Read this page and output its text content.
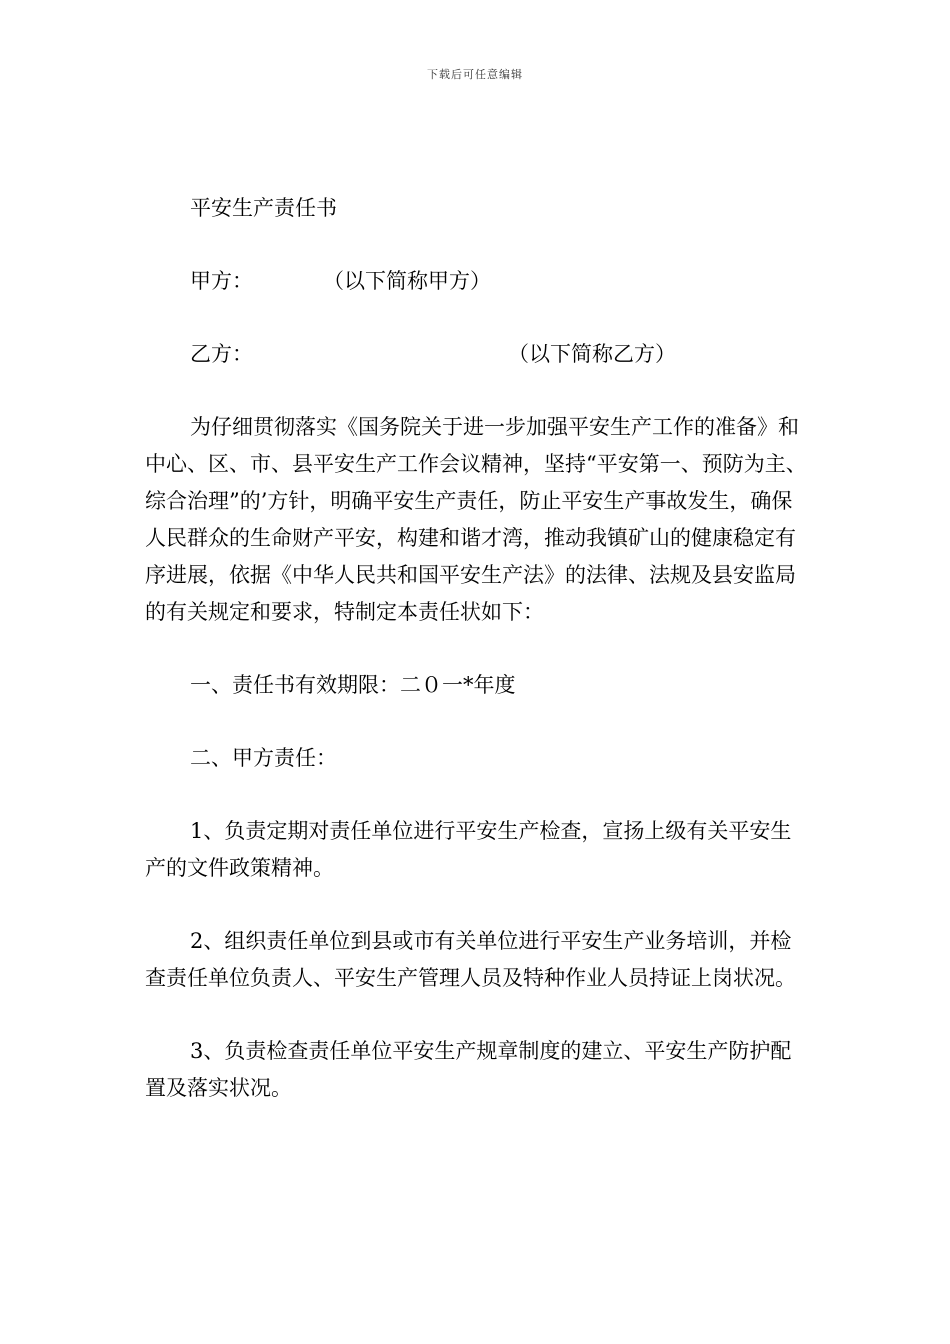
下载后可任意编辑

平安生产责任书

甲方：	（以下简称甲方）

乙方：	（以下简称乙方）

为仔细贯彻落实《国务院关于进一步加强平安生产工作的准备》和中心、区、市、县平安生产工作会议精神，坚持“平安第一、预防为主、综合治理”的’方针，明确平安生产责任，防止平安生产事故发生，确保人民群众的生命财产平安，构建和谐才湾，推动我镇矿山的健康稳定有序进展，依据《中华人民共和国平安生产法》的法律、法规及县安监局的有关规定和要求，特制定本责任状如下：

一、责任书有效期限：二０一*年度

二、甲方责任：

1、负责定期对责任单位进行平安生产检查，宣扬上级有关平安生产的文件政策精神。

2、组织责任单位到县或市有关单位进行平安生产业务培训，并检查责任单位负责人、平安生产管理人员及特种作业人员持证上岗状况。

3、负责检查责任单位平安生产规章制度的建立、平安生产防护配置及落实状况。
